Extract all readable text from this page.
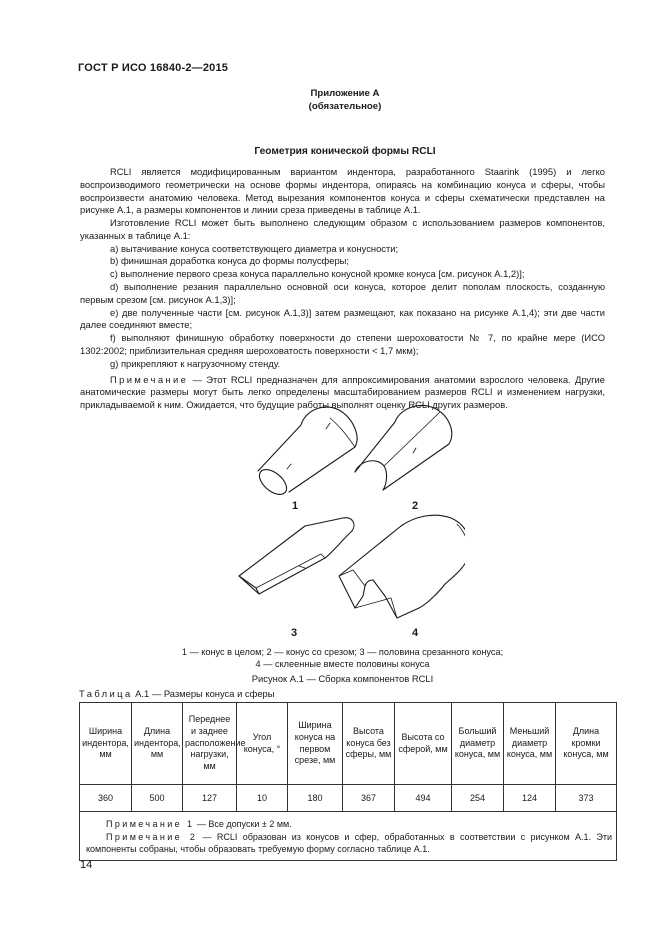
ГОСТ Р ИСО 16840-2—2015
Приложение А
(обязательное)
Геометрия конической формы RCLI

RCLI является модифицированным вариантом индентора, разработанного Staarink (1995) и легко воспроизводимого геометрически на основе формы индентора, опираясь на комбинацию конуса и сферы, чтобы воспроизвести анатомию человека. Метод вырезания компонентов конуса и сферы схематически представлен на рисунке А.1, а размеры компонентов и линии среза приведены в таблице А.1.

Изготовление RCLI может быть выполнено следующим образом с использованием размеров компонентов, указанных в таблице А.1:

a) вытачивание конуса соответствующего диаметра и конусности;

b) финишная доработка конуса до формы полусферы;

c) выполнение первого среза конуса параллельно конусной кромке конуса [см. рисунок А.1,2)];

d) выполнение резания параллельно основной оси конуса, которое делит пополам плоскость, созданную первым срезом [см. рисунок А.1,3)];

e) две полученные части [см. рисунок А.1,3)] затем размещают, как показано на рисунке А.1,4); эти две части далее соединяют вместе;

f) выполняют финишную обработку поверхности до степени шероховатости № 7, по крайне мере (ИСО 1302:2002; приблизительная средняя шероховатость поверхности < 1,7 мкм);

g) прикрепляют к нагрузочному стенду.

Примечание — Этот RCLI предназначен для аппроксимирования анатомии взрослого человека. Другие анатомические размеры могут быть легко определены масштабированием размеров RCLI и изменением нагрузки, прикладываемой к ним. Ожидается, что будущие работы выполнят оценку RCLI других размеров.

1	2
3	4
1 — конус в целом; 2 — конус со срезом; 3 — половина срезанного конуса;
4 — склеенные вместе половины конуса
Рисунок А.1 — Сборка компонентов RCLI
Таблица А.1 — Размеры конуса и сферы
Ширина индентора, мм	Длина индентора, мм	Переднее и заднее расположение нагрузки, мм	Угол конуса, °	Ширина конуса на первом срезе, мм	Высота конуса без сферы, мм	Высота со сферой, мм	Больший диаметр конуса, мм	Меньший диаметр конуса, мм	Длина кромки конуса, мм
360	500	127	10	180	367	494	254	124	373

Примечание 1 — Все допуски ± 2 мм.

Примечание 2 — RCLI образован из конусов и сфер, обработанных в соответствии с рисунком А.1. Эти компоненты собраны, чтобы образовать требуемую форму согласно таблице А.1.									

14
